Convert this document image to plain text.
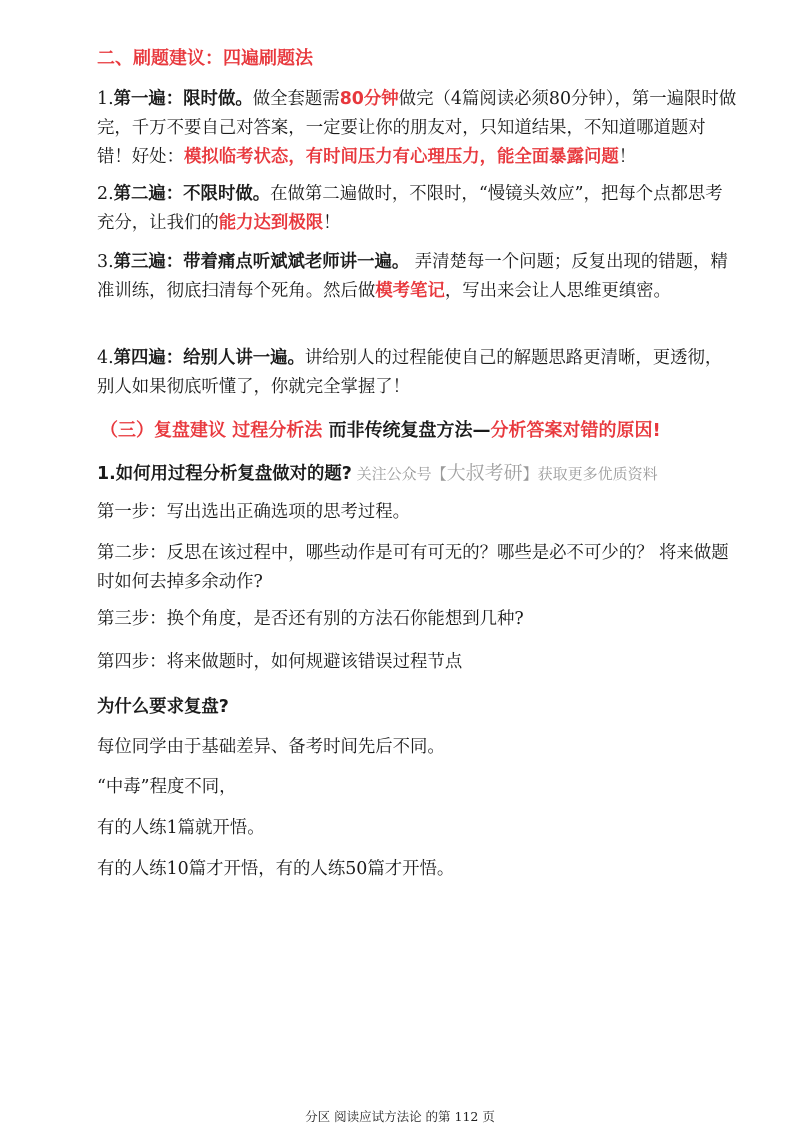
二、刷题建议：四遍刷题法
1.第一遍：限时做。做全套题需80分钟做完（4篇阅读必须80分钟），第一遍限时做完，千万不要自己对答案，一定要让你的朋友对，只知道结果，不知道哪道题对错！好处：模拟临考状态，有时间压力有心理压力，能全面暴露问题！
2.第二遍：不限时做。在做第二遍做时，不限时，“慢镜头效应”，把每个点都思考充分，让我们的能力达到极限！
3.第三遍：带着痛点听斌斌老师讲一遍。 弄清楚每一个问题；反复出现的错题，精准训练，彻底扫清每个死角。然后做模考笔记，写出来会让人思维更缜密。
4.第四遍：给别人讲一遍。讲给别人的过程能使自己的解题思路更清晰，更透彻，别人如果彻底听懂了，你就完全掌握了！
（三）复盘建议 过程分析法 而非传统复盘方法—分析答案对错的原因!
1.如何用过程分析复盘做对的题? 关注公众号【大叔考研】获取更多优质资料
第一步：写出选出正确选项的思考过程。
第二步：反思在该过程中，哪些动作是可有可无的？哪些是必不可少的？ 将来做题时如何去掉多余动作?
第三步：换个角度，是否还有别的方法石你能想到几种?
第四步：将来做题时，如何规避该错误过程节点
为什么要求复盘?
每位同学由于基础差异、备考时间先后不同。
“中毒”程度不同，
有的人练1篇就开悟。
有的人练10篇才开悟，有的人练50篇才开悟。
分区 阅读应试方法论 的第 112 页
